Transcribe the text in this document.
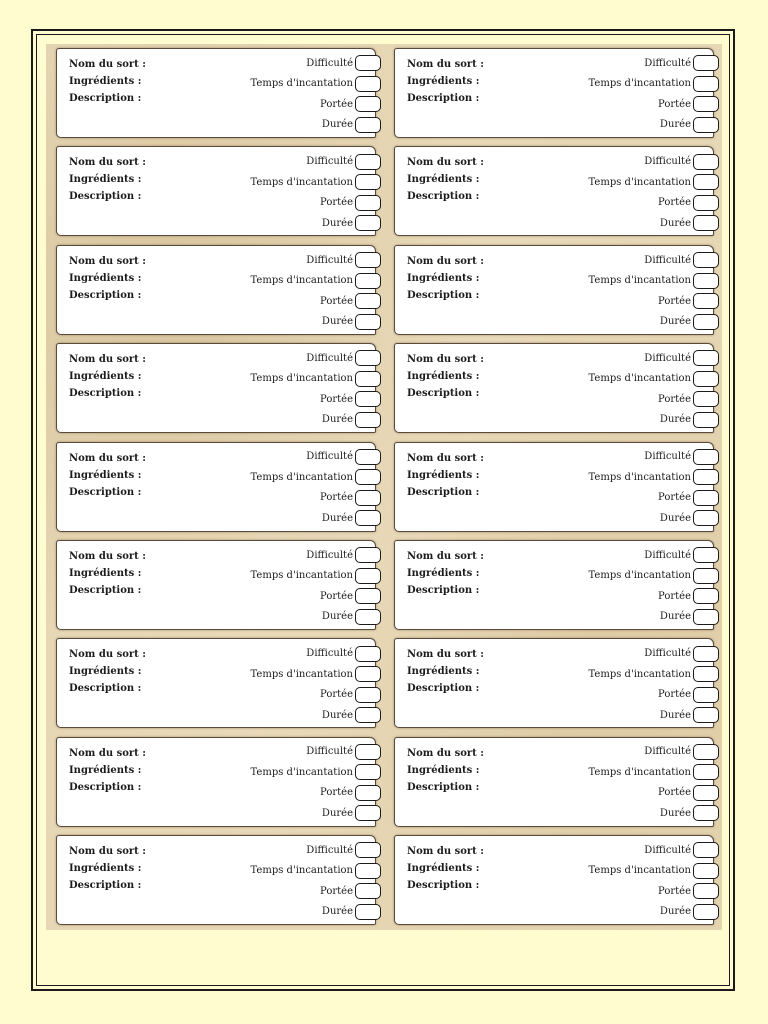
Nom du sort :
Ingrédients :
Description :
Difficulté
Temps d'incantation
Portée
Durée
Nom du sort :
Ingrédients :
Description :
Difficulté
Temps d'incantation
Portée
Durée
Nom du sort :
Ingrédients :
Description :
Difficulté
Temps d'incantation
Portée
Durée
Nom du sort :
Ingrédients :
Description :
Difficulté
Temps d'incantation
Portée
Durée
Nom du sort :
Ingrédients :
Description :
Difficulté
Temps d'incantation
Portée
Durée
Nom du sort :
Ingrédients :
Description :
Difficulté
Temps d'incantation
Portée
Durée
Nom du sort :
Ingrédients :
Description :
Difficulté
Temps d'incantation
Portée
Durée
Nom du sort :
Ingrédients :
Description :
Difficulté
Temps d'incantation
Portée
Durée
Nom du sort :
Ingrédients :
Description :
Difficulté
Temps d'incantation
Portée
Durée
Nom du sort :
Ingrédients :
Description :
Difficulté
Temps d'incantation
Portée
Durée
Nom du sort :
Ingrédients :
Description :
Difficulté
Temps d'incantation
Portée
Durée
Nom du sort :
Ingrédients :
Description :
Difficulté
Temps d'incantation
Portée
Durée
Nom du sort :
Ingrédients :
Description :
Difficulté
Temps d'incantation
Portée
Durée
Nom du sort :
Ingrédients :
Description :
Difficulté
Temps d'incantation
Portée
Durée
Nom du sort :
Ingrédients :
Description :
Difficulté
Temps d'incantation
Portée
Durée
Nom du sort :
Ingrédients :
Description :
Difficulté
Temps d'incantation
Portée
Durée
Nom du sort :
Ingrédients :
Description :
Difficulté
Temps d'incantation
Portée
Durée
Nom du sort :
Ingrédients :
Description :
Difficulté
Temps d'incantation
Portée
Durée
